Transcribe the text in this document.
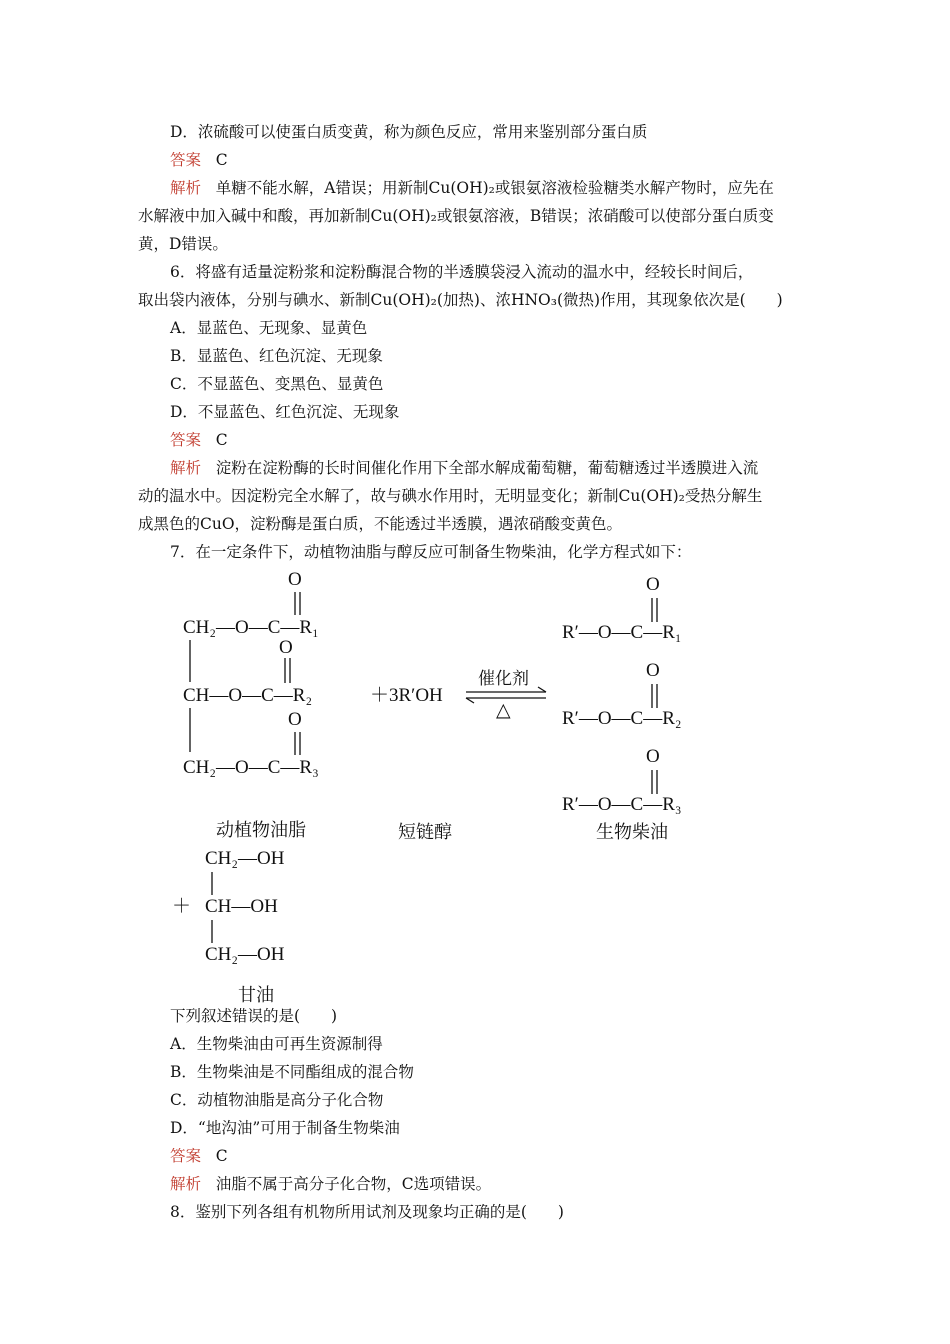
D．浓硫酸可以使蛋白质变黄，称为颜色反应，常用来鉴别部分蛋白质
答案 C
解析 单糖不能水解，A错误；用新制Cu(OH)₂或银氨溶液检验糖类水解产物时，应先在
水解液中加入碱中和酸，再加新制Cu(OH)₂或银氨溶液，B错误；浓硝酸可以使部分蛋白质变
黄，D错误。
6．将盛有适量淀粉浆和淀粉酶混合物的半透膜袋浸入流动的温水中，经较长时间后，
取出袋内液体，分别与碘水、新制Cu(OH)₂(加热)、浓HNO₃(微热)作用，其现象依次是(　　)
A．显蓝色、无现象、显黄色
B．显蓝色、红色沉淀、无现象
C．不显蓝色、变黑色、显黄色
D．不显蓝色、红色沉淀、无现象
答案 C
解析 淀粉在淀粉酶的长时间催化作用下全部水解成葡萄糖，葡萄糖透过半透膜进入流
动的温水中。因淀粉完全水解了，故与碘水作用时，无明显变化；新制Cu(OH)₂受热分解生
成黑色的CuO，淀粉酶是蛋白质，不能透过半透膜，遇浓硝酸变黄色。
7．在一定条件下，动植物油脂与醇反应可制备生物柴油，化学方程式如下：
O
CH₂—O—C—R₁
O
CH—O—C—R₂
O
CH₂—O—C—R₃
＋3R′OH
催化剂
△
O
R′—O—C—R₁
O
R′—O—C—R₂
O
R′—O—C—R₃
动植物油脂	短链醇	生物柴油
CH₂—OH
＋ CH—OH
CH₂—OH
甘油
下列叙述错误的是(　　)
A．生物柴油由可再生资源制得
B．生物柴油是不同酯组成的混合物
C．动植物油脂是高分子化合物
D．“地沟油”可用于制备生物柴油
答案 C
解析 油脂不属于高分子化合物，C选项错误。
8．鉴别下列各组有机物所用试剂及现象均正确的是(　　)
